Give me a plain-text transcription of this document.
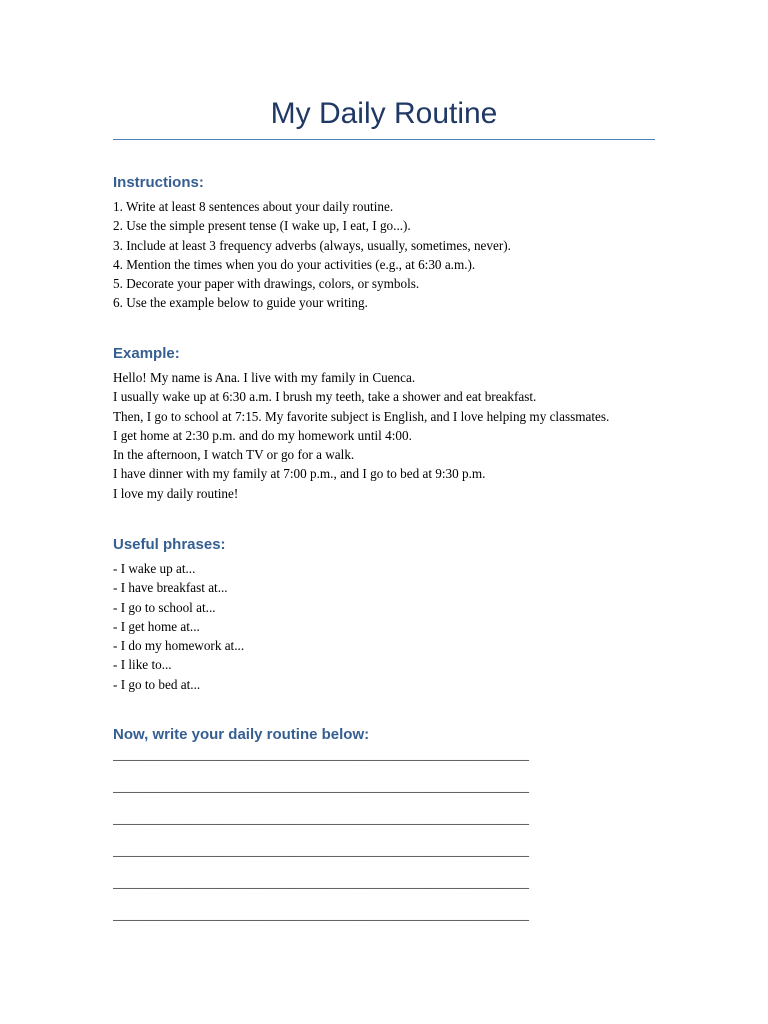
My Daily Routine
Instructions:
1. Write at least 8 sentences about your daily routine.
2. Use the simple present tense (I wake up, I eat, I go...).
3. Include at least 3 frequency adverbs (always, usually, sometimes, never).
4. Mention the times when you do your activities (e.g., at 6:30 a.m.).
5. Decorate your paper with drawings, colors, or symbols.
6. Use the example below to guide your writing.
Example:
Hello! My name is Ana. I live with my family in Cuenca.
I usually wake up at 6:30 a.m. I brush my teeth, take a shower and eat breakfast.
Then, I go to school at 7:15. My favorite subject is English, and I love helping my classmates.
I get home at 2:30 p.m. and do my homework until 4:00.
In the afternoon, I watch TV or go for a walk.
I have dinner with my family at 7:00 p.m., and I go to bed at 9:30 p.m.
I love my daily routine!
Useful phrases:
- I wake up at...
- I have breakfast at...
- I go to school at...
- I get home at...
- I do my homework at...
- I like to...
- I go to bed at...
Now, write your daily routine below:
________________________________________________________________
________________________________________________________________
________________________________________________________________
________________________________________________________________
________________________________________________________________
________________________________________________________________
